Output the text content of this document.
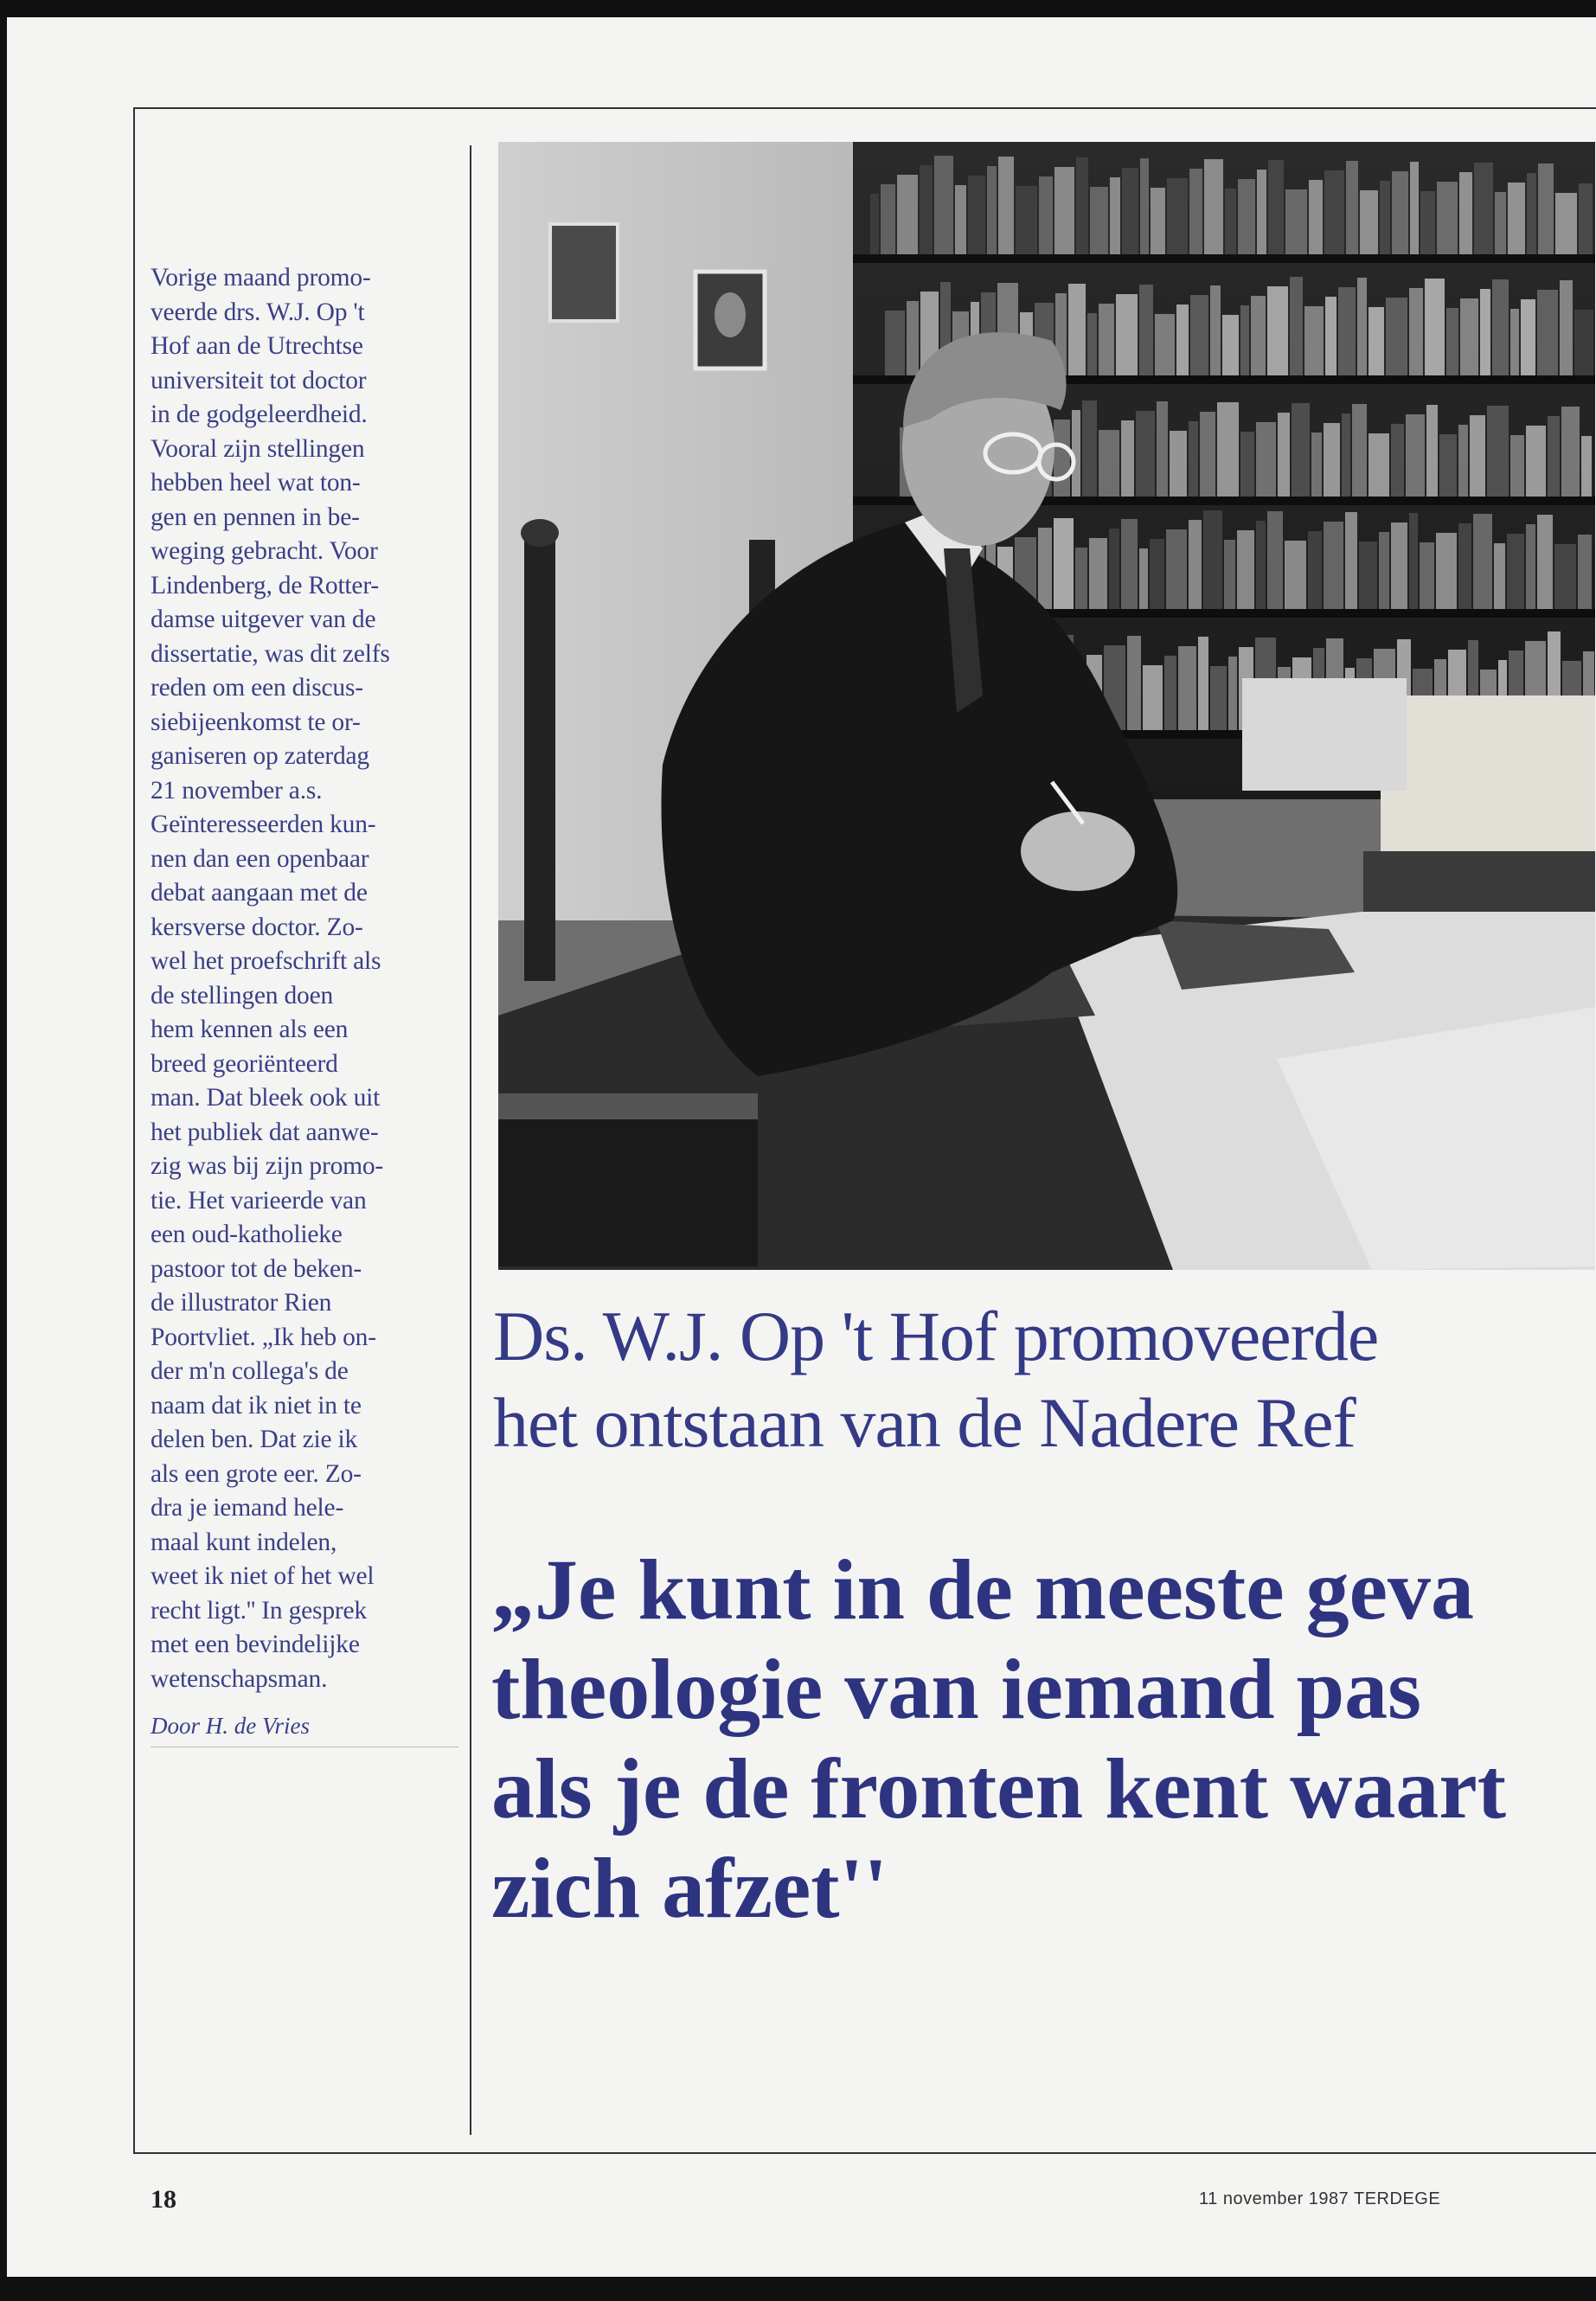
Vorige maand promo-
veerde drs. W.J. Op 't
Hof aan de Utrechtse
universiteit tot doctor
in de godgeleerdheid.
Vooral zijn stellingen
hebben heel wat ton-
gen en pennen in be-
weging gebracht. Voor
Lindenberg, de Rotter-
damse uitgever van de
dissertatie, was dit zelfs
reden om een discus-
siebijeenkomst te or-
ganiseren op zaterdag
21 november a.s.
Geïnteresseerden kun-
nen dan een openbaar
debat aangaan met de
kersverse doctor. Zo-
wel het proefschrift als
de stellingen doen
hem kennen als een
breed georiënteerd
man. Dat bleek ook uit
het publiek dat aanwe-
zig was bij zijn promo-
tie. Het varieerde van
een oud-katholieke
pastoor tot de beken-
de illustrator Rien
Poortvliet. „Ik heb on-
der m'n collega's de
naam dat ik niet in te
delen ben. Dat zie ik
als een grote eer. Zo-
dra je iemand hele-
maal kunt indelen,
weet ik niet of het wel
recht ligt.'' In gesprek
met een bevindelijke
wetenschapsman.
Door H. de Vries
Ds. W.J. Op 't Hof promoveerde
het ontstaan van de Nadere Ref
„Je kunt in de meeste geva
theologie van iemand pas
als je de fronten kent waart
zich afzet''
18	11 november 1987 TERDEGE
